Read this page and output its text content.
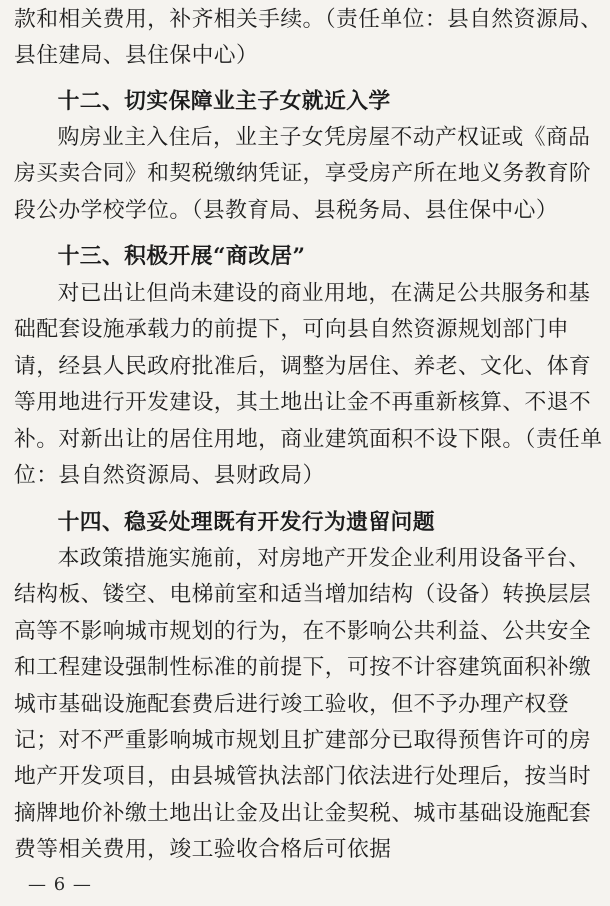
款和相关费用，补齐相关手续。（责任单位：县自然资源局、县住建局、县住保中心）

十二、切实保障业主子女就近入学

购房业主入住后，业主子女凭房屋不动产权证或《商品房买卖合同》和契税缴纳凭证，享受房产所在地义务教育阶段公办学校学位。（县教育局、县税务局、县住保中心）

十三、积极开展“商改居”

对已出让但尚未建设的商业用地，在满足公共服务和基础配套设施承载力的前提下，可向县自然资源规划部门申请，经县人民政府批准后，调整为居住、养老、文化、体育等用地进行开发建设，其土地出让金不再重新核算、不退不补。对新出让的居住用地，商业建筑面积不设下限。（责任单位：县自然资源局、县财政局）

十四、稳妥处理既有开发行为遗留问题

本政策措施实施前，对房地产开发企业利用设备平台、结构板、镂空、电梯前室和适当增加结构（设备）转换层层高等不影响城市规划的行为，在不影响公共利益、公共安全和工程建设强制性标准的前提下，可按不计容建筑面积补缴城市基础设施配套费后进行竣工验收，但不予办理产权登记；对不严重影响城市规划且扩建部分已取得预售许可的房地产开发项目，由县城管执法部门依法进行处理后，按当时摘牌地价补缴土地出让金及出让金契税、城市基础设施配套费等相关费用，竣工验收合格后可依据

— 6 —
